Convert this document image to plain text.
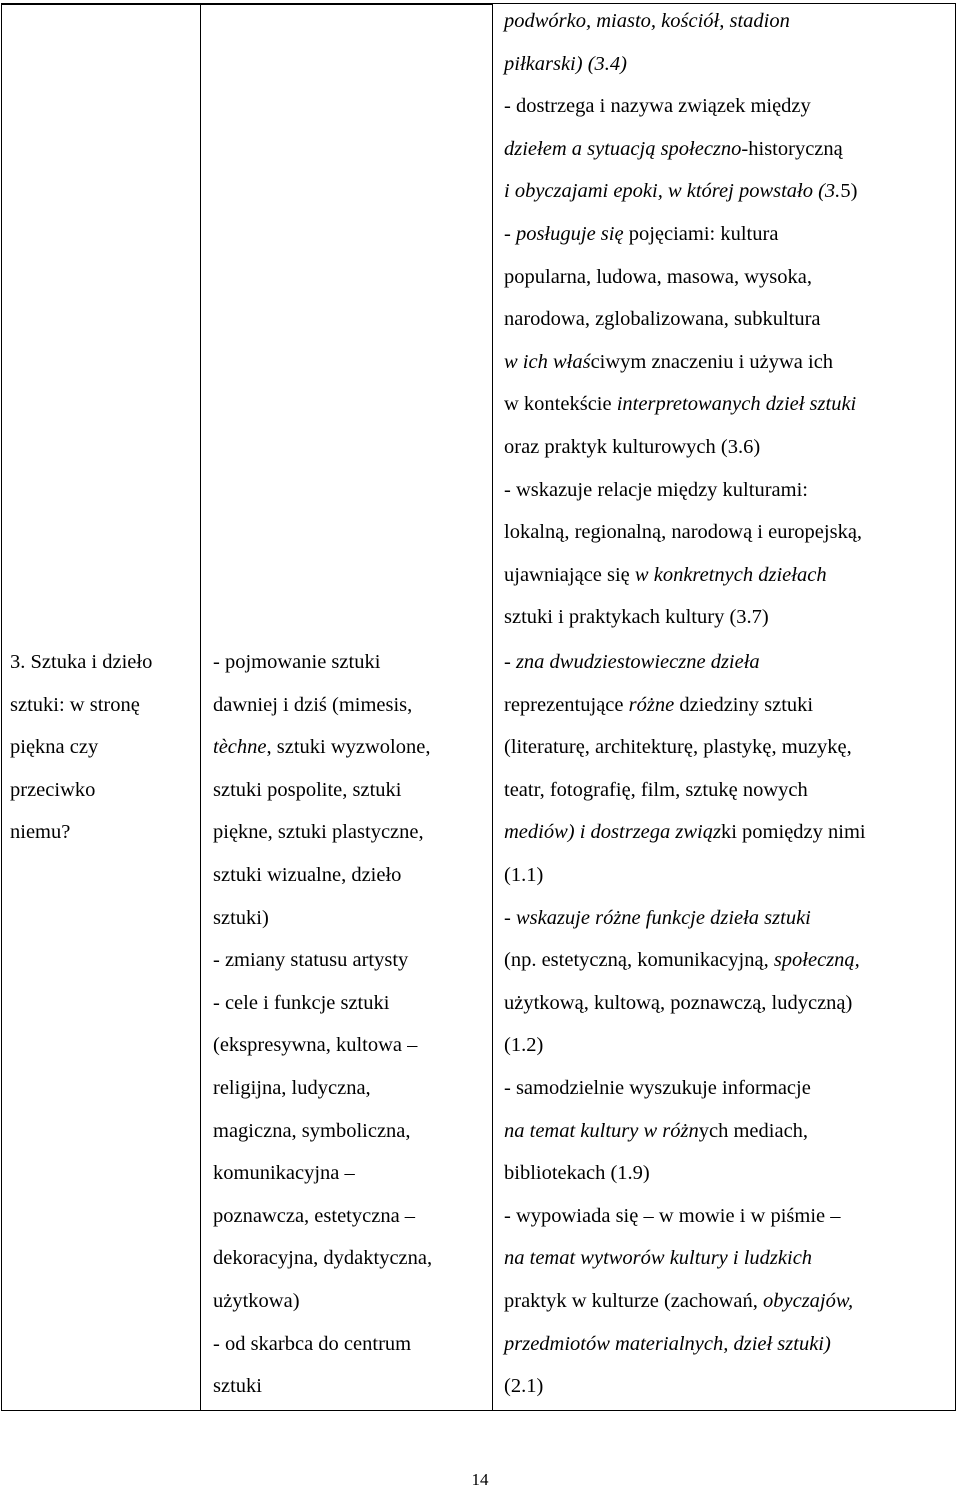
podwórko, miasto, kościół, stadion
piłkarski) (3.4)
- dostrzega i nazywa związek między
dziełem a sytuacją społeczno-historyczną
i obyczajami epoki, w której powstało (3.5)
- posługuje się pojęciami: kultura
popularna, ludowa, masowa, wysoka,
narodowa, zglobalizowana, subkultura
w ich właściwym znaczeniu i używa ich
w kontekście interpretowanych dzieł sztuki
oraz praktyk kulturowych (3.6)
- wskazuje relacje między kulturami:
lokalną, regionalną, narodową i europejską,
ujawniające się w konkretnych dziełach
sztuki i praktykach kultury (3.7)
3. Sztuka i dzieło
sztuki: w stronę
piękna czy
przeciwko
niemu?
- pojmowanie sztuki
dawniej i dziś (mimesis,
tèchne, sztuki wyzwolone,
sztuki pospolite, sztuki
piękne, sztuki plastyczne,
sztuki wizualne, dzieło
sztuki)
- zmiany statusu artysty
- cele i funkcje sztuki
(ekspresywna, kultowa –
religijna, ludyczna,
magiczna, symboliczna,
komunikacyjna –
poznawcza, estetyczna –
dekoracyjna, dydaktyczna,
użytkowa)
- od skarbca do centrum
sztuki
- zna dwudziestowieczne dzieła
reprezentujące różne dziedziny sztuki
(literaturę, architekturę, plastykę, muzykę,
teatr, fotografię, film, sztukę nowych
mediów) i dostrzega związki pomiędzy nimi
(1.1)
- wskazuje różne funkcje dzieła sztuki
(np. estetyczną, komunikacyjną, społeczną,
użytkową, kultową, poznawczą, ludyczną)
(1.2)
- samodzielnie wyszukuje informacje
na temat kultury w różnych mediach,
bibliotekach (1.9)
- wypowiada się – w mowie i w piśmie –
na temat wytworów kultury i ludzkich
praktyk w kulturze (zachowań, obyczajów,
przedmiotów materialnych, dzieł sztuki)
(2.1)
14
